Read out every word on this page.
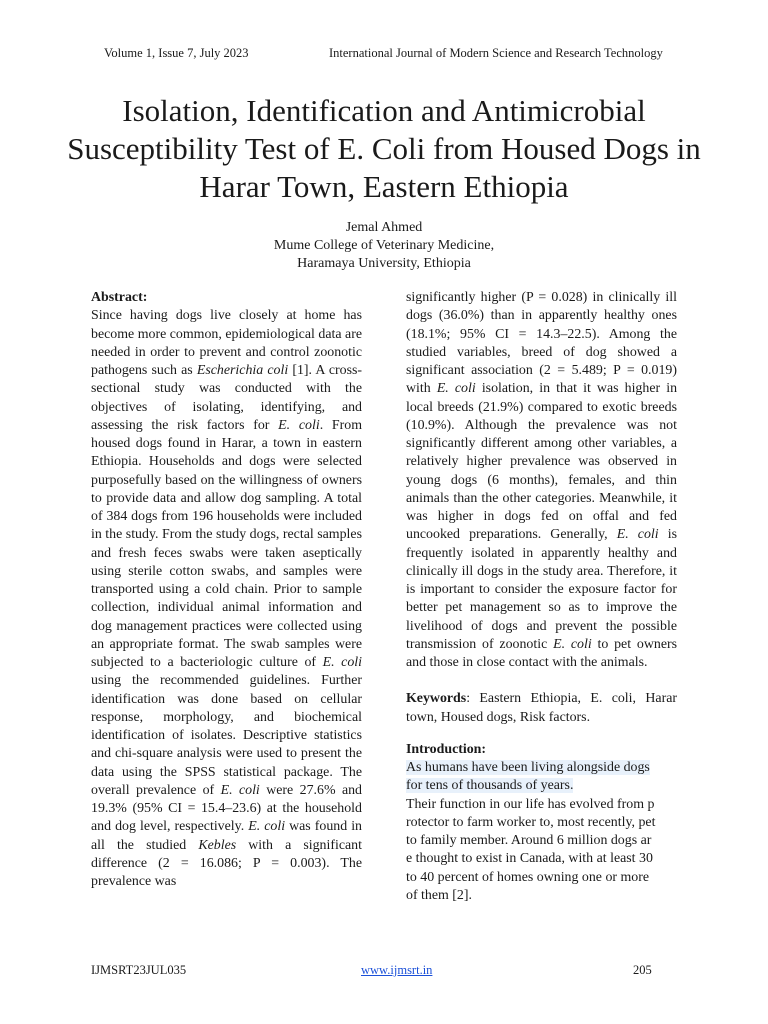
Volume 1, Issue 7, July 2023	International Journal of Modern Science and Research Technology
Isolation, Identification and Antimicrobial Susceptibility Test of E. Coli from Housed Dogs in Harar Town, Eastern Ethiopia
Jemal Ahmed
Mume College of Veterinary Medicine,
Haramaya University, Ethiopia
Abstract:

Since having dogs live closely at home has become more common, epidemiological data are needed in order to prevent and control zoonotic pathogens such as Escherichia coli [1]. A cross-sectional study was conducted with the objectives of isolating, identifying, and assessing the risk factors for E. coli. From housed dogs found in Harar, a town in eastern Ethiopia. Households and dogs were selected purposefully based on the willingness of owners to provide data and allow dog sampling. A total of 384 dogs from 196 households were included in the study. From the study dogs, rectal samples and fresh feces swabs were taken aseptically using sterile cotton swabs, and samples were transported using a cold chain. Prior to sample collection, individual animal information and dog management practices were collected using an appropriate format. The swab samples were subjected to a bacteriologic culture of E. coli using the recommended guidelines. Further identification was done based on cellular response, morphology, and biochemical identification of isolates. Descriptive statistics and chi-square analysis were used to present the data using the SPSS statistical package. The overall prevalence of E. coli were 27.6% and 19.3% (95% CI = 15.4–23.6) at the household and dog level, respectively. E. coli was found in all the studied Kebles with a significant difference (2 = 16.086; P = 0.003). The prevalence was

significantly higher (P = 0.028) in clinically ill dogs (36.0%) than in apparently healthy ones (18.1%; 95% CI = 14.3–22.5). Among the studied variables, breed of dog showed a significant association (2 = 5.489; P = 0.019) with E. coli isolation, in that it was higher in local breeds (21.9%) compared to exotic breeds (10.9%). Although the prevalence was not significantly different among other variables, a relatively higher prevalence was observed in young dogs (6 months), females, and thin animals than the other categories. Meanwhile, it was higher in dogs fed on offal and fed uncooked preparations. Generally, E. coli is frequently isolated in apparently healthy and clinically ill dogs in the study area. Therefore, it is important to consider the exposure factor for better pet management so as to improve the livelihood of dogs and prevent the possible transmission of zoonotic E. coli to pet owners and those in close contact with the animals.

Keywords: Eastern Ethiopia, E. coli, Harar town, Housed dogs, Risk factors.

Introduction:
As humans have been living alongside dogs
for tens of thousands of years.
Their function in our life has evolved from p
rotector to farm worker to, most recently, pet
to family member. Around 6 million dogs ar
e thought to exist in Canada, with at least 30
to 40 percent of homes owning one or more
of them [2].
IJMSRT23JUL035	www.ijmsrt.in	205
